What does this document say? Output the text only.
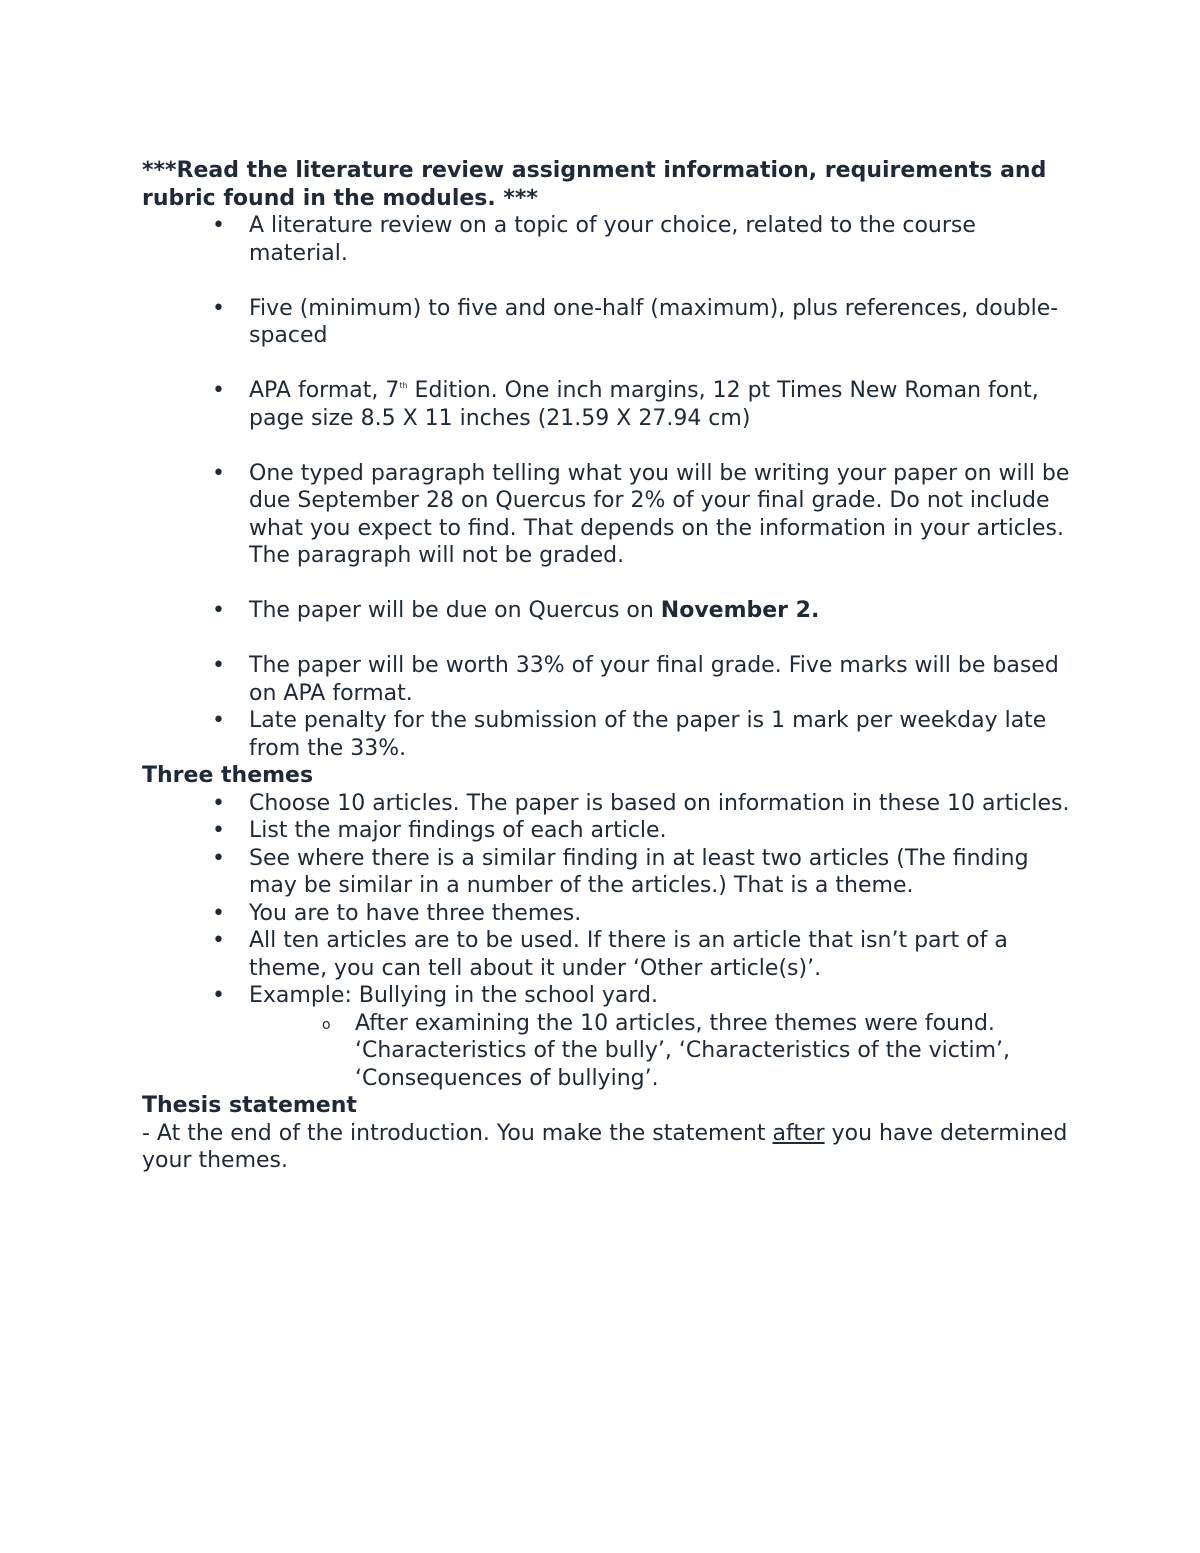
***Read the literature review assignment information, requirements and rubric found in the modules. ***

• A literature review on a topic of your choice, related to the course material.
• Five (minimum) to five and one-half (maximum), plus references, double-spaced
• APA format, 7th Edition. One inch margins, 12 pt Times New Roman font, page size 8.5 X 11 inches (21.59 X 27.94 cm)
• One typed paragraph telling what you will be writing your paper on will be due September 28 on Quercus for 2% of your final grade. Do not include what you expect to find. That depends on the information in your articles. The paragraph will not be graded.
• The paper will be due on Quercus on November 2.
• The paper will be worth 33% of your final grade. Five marks will be based on APA format.
• Late penalty for the submission of the paper is 1 mark per weekday late from the 33%.

Three themes

• Choose 10 articles. The paper is based on information in these 10 articles.
• List the major findings of each article.
• See where there is a similar finding in at least two articles (The finding may be similar in a number of the articles.) That is a theme.
• You are to have three themes.
• All ten articles are to be used. If there is an article that isn’t part of a theme, you can tell about it under ‘Other article(s)’.
• Example: Bullying in the school yard.
o After examining the 10 articles, three themes were found. ‘Characteristics of the bully’, ‘Characteristics of the victim’, ‘Consequences of bullying’.

Thesis statement

- At the end of the introduction. You make the statement after you have determined your themes.
